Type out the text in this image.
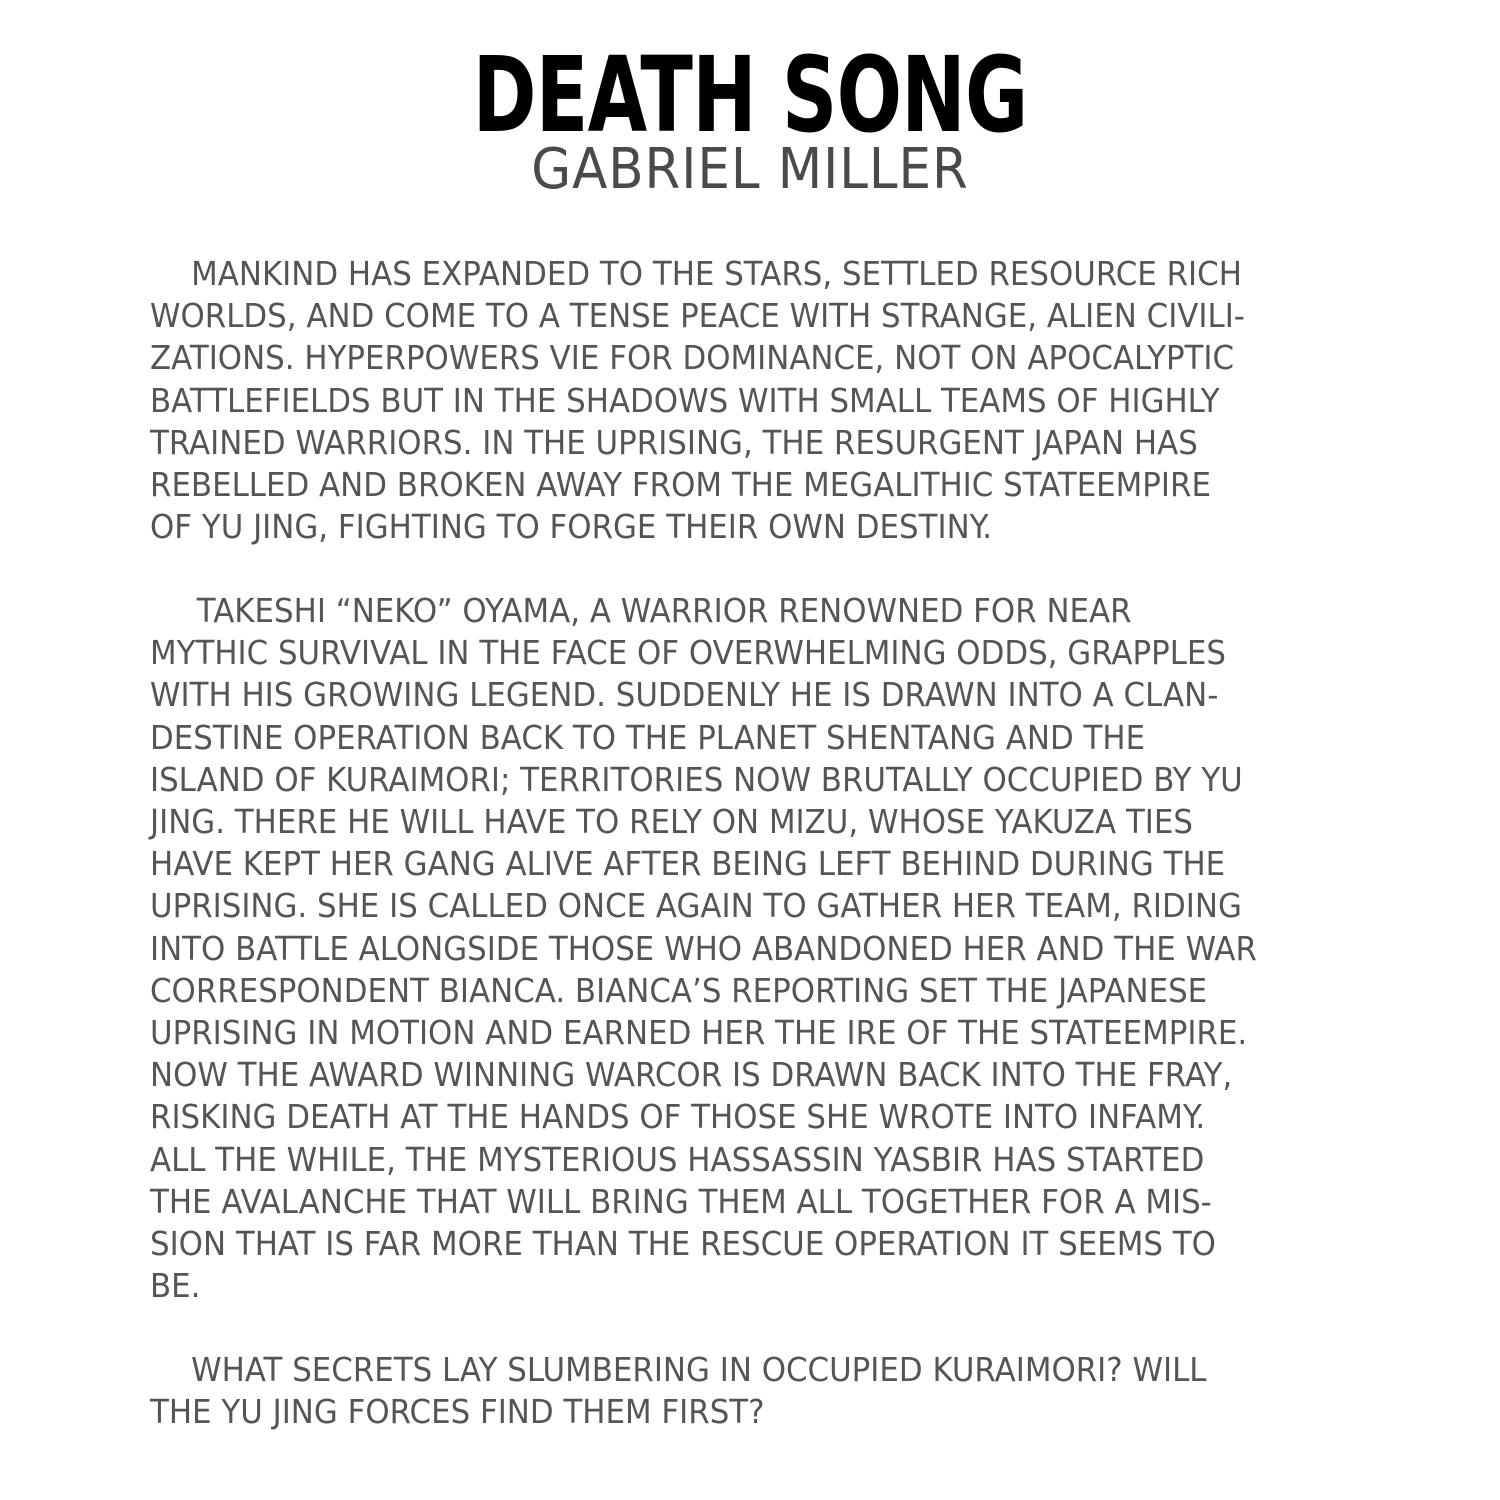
DEATH SONG
GABRIEL MILLER

MANKIND HAS EXPANDED TO THE STARS, SETTLED RESOURCE RICH
WORLDS, AND COME TO A TENSE PEACE WITH STRANGE, ALIEN CIVILI-
ZATIONS. HYPERPOWERS VIE FOR DOMINANCE, NOT ON APOCALYPTIC
BATTLEFIELDS BUT IN THE SHADOWS WITH SMALL TEAMS OF HIGHLY
TRAINED WARRIORS. IN THE UPRISING, THE RESURGENT JAPAN HAS
REBELLED AND BROKEN AWAY FROM THE MEGALITHIC STATEEMPIRE
OF YU JING, FIGHTING TO FORGE THEIR OWN DESTINY.

TAKESHI “NEKO” OYAMA, A WARRIOR RENOWNED FOR NEAR
MYTHIC SURVIVAL IN THE FACE OF OVERWHELMING ODDS, GRAPPLES
WITH HIS GROWING LEGEND. SUDDENLY HE IS DRAWN INTO A CLAN-
DESTINE OPERATION BACK TO THE PLANET SHENTANG AND THE
ISLAND OF KURAIMORI; TERRITORIES NOW BRUTALLY OCCUPIED BY YU
JING. THERE HE WILL HAVE TO RELY ON MIZU, WHOSE YAKUZA TIES
HAVE KEPT HER GANG ALIVE AFTER BEING LEFT BEHIND DURING THE
UPRISING. SHE IS CALLED ONCE AGAIN TO GATHER HER TEAM, RIDING
INTO BATTLE ALONGSIDE THOSE WHO ABANDONED HER AND THE WAR
CORRESPONDENT BIANCA. BIANCA’S REPORTING SET THE JAPANESE
UPRISING IN MOTION AND EARNED HER THE IRE OF THE STATEEMPIRE.
NOW THE AWARD WINNING WARCOR IS DRAWN BACK INTO THE FRAY,
RISKING DEATH AT THE HANDS OF THOSE SHE WROTE INTO INFAMY.
ALL THE WHILE, THE MYSTERIOUS HASSASSIN YASBIR HAS STARTED
THE AVALANCHE THAT WILL BRING THEM ALL TOGETHER FOR A MIS-
SION THAT IS FAR MORE THAN THE RESCUE OPERATION IT SEEMS TO
BE.

WHAT SECRETS LAY SLUMBERING IN OCCUPIED KURAIMORI? WILL
THE YU JING FORCES FIND THEM FIRST?
